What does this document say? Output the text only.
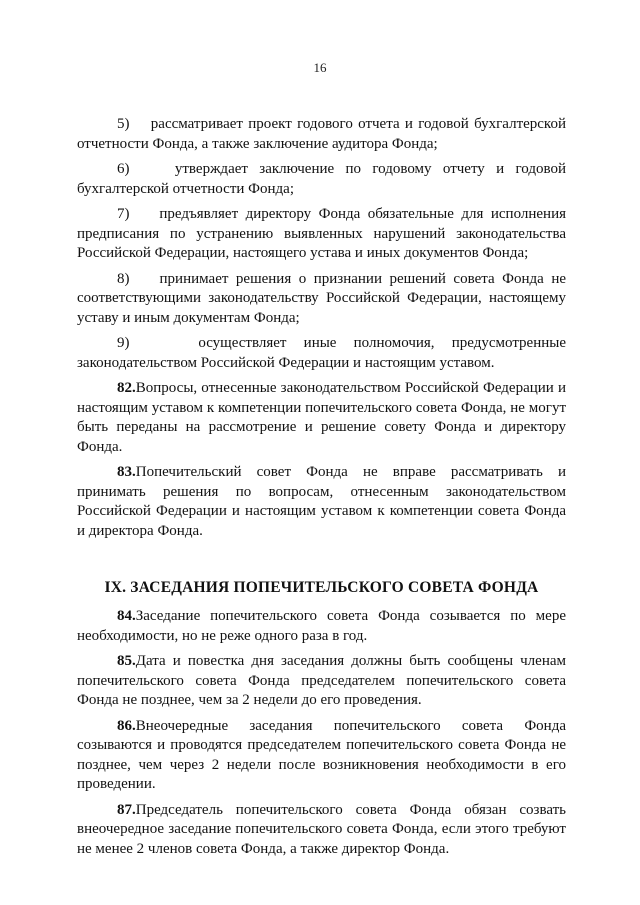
16

5) рассматривает проект годового отчета и годовой бухгалтерской отчетности Фонда, а также заключение аудитора Фонда;

6)	утверждает заключение по годовому отчету и годовой бухгалтерской отчетности Фонда;

7) предъявляет директору Фонда обязательные для исполнения предписания по устранению выявленных нарушений законодательства Российской Федерации, настоящего устава и иных документов Фонда;

8) принимает решения о признании решений совета Фонда не соответствующими законодательству Российской Федерации, настоящему уставу и иным документам Фонда;

9)	осуществляет иные полномочия, предусмотренные законодательством Российской Федерации и настоящим уставом.

82.Вопросы, отнесенные законодательством Российской Федерации и настоящим уставом к компетенции попечительского совета Фонда, не могут быть переданы на рассмотрение и решение совету Фонда и директору Фонда.

83.Попечительский совет Фонда не вправе рассматривать и принимать решения по вопросам, отнесенным законодательством Российской Федерации и настоящим уставом к компетенции совета Фонда и директора Фонда.

IX. ЗАСЕДАНИЯ ПОПЕЧИТЕЛЬСКОГО СОВЕТА ФОНДА

84.Заседание попечительского совета Фонда созывается по мере необходимости, но не реже одного раза в год.

85.Дата и повестка дня заседания должны быть сообщены членам попечительского совета Фонда председателем попечительского совета Фонда не позднее, чем за 2 недели до его проведения.

86.Внеочередные заседания попечительского совета Фонда созываются и проводятся председателем попечительского совета Фонда не позднее, чем через 2 недели после возникновения необходимости в его проведении.

87.Председатель попечительского совета Фонда обязан созвать внеочередное заседание попечительского совета Фонда, если этого требуют не менее 2 членов совета Фонда, а также директор Фонда.
